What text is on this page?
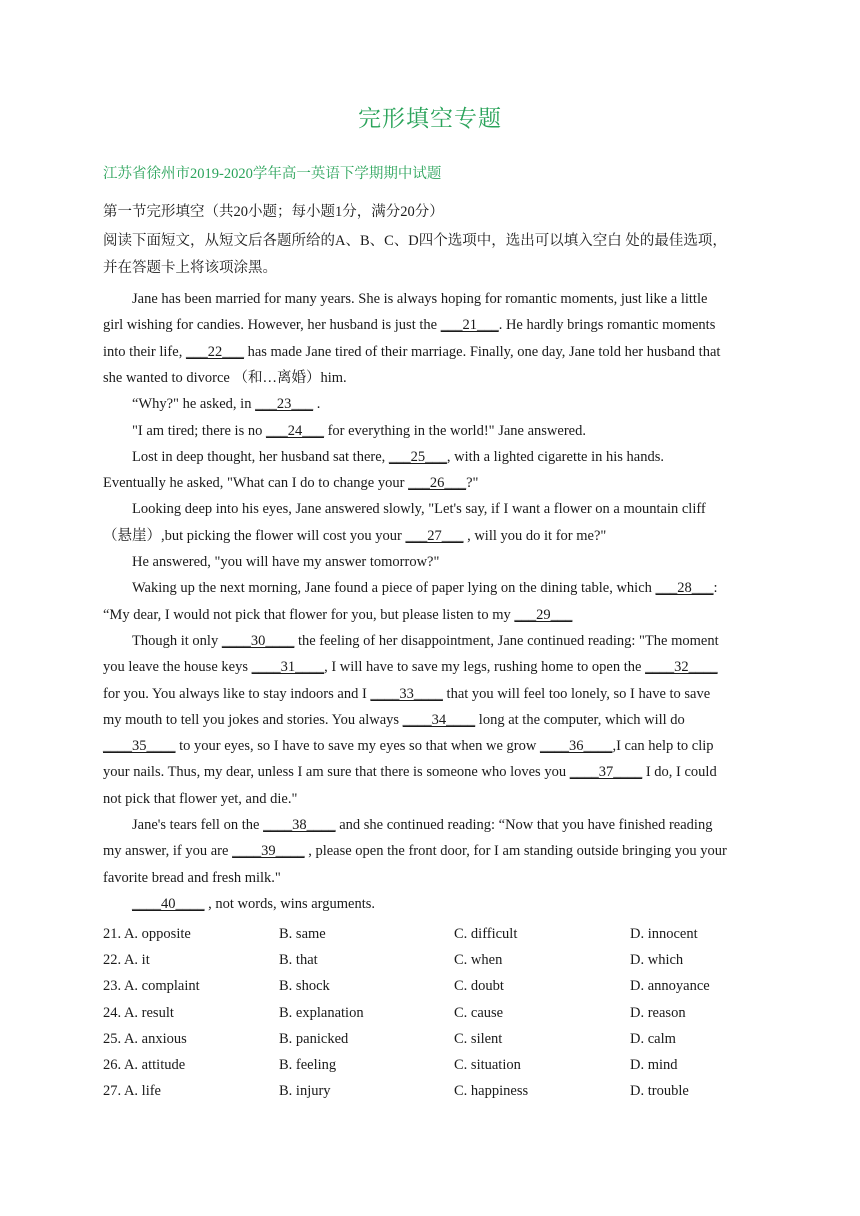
完形填空专题
江苏省徐州市2019-2020学年高一英语下学期期中试题
第一节完形填空（共20小题；每小题1分，满分20分）
阅读下面短文，从短文后各题所给的A、B、C、D四个选项中，选出可以填入空白 处的最佳选项，
并在答题卡上将该项涂黑。
Jane has been married for many years. She is always hoping for romantic moments, just like a little
girl wishing for candies. However, her husband is just the ___21___. He hardly brings romantic moments
into their life, ___22___ has made Jane tired of their marriage. Finally, one day, Jane told her husband that
she wanted to divorce （和…离婚）him.
“Why?" he asked, in ___23___ .
"I am tired; there is no ___24___ for everything in the world!" Jane answered.
Lost in deep thought, her husband sat there, ___25___, with a lighted cigarette in his hands.
Eventually he asked, "What can I do to change your ___26___?"
Looking deep into his eyes, Jane answered slowly, "Let's say, if I want a flower on a mountain cliff
（悬崖）,but picking the flower will cost you your ___27___ , will you do it for me?"
He answered, "you will have my answer tomorrow?"
Waking up the next morning, Jane found a piece of paper lying on the dining table, which ___28___:
“My dear, I would not pick that flower for you, but please listen to my ___29___
Though it only ____30____ the feeling of her disappointment, Jane continued reading: "The moment
you leave the house keys ____31____, I will have to save my legs, rushing home to open the ____32____
for you. You always like to stay indoors and I ____33____ that you will feel too lonely, so I have to save
my mouth to tell you jokes and stories. You always ____34____ long at the computer, which will do
____35____ to your eyes, so I have to save my eyes so that when we grow ____36____,I can help to clip
your nails. Thus, my dear, unless I am sure that there is someone who loves you ____37____ I do, I could
not pick that flower yet, and die."
Jane's tears fell on the ____38____ and she continued reading: “Now that you have finished reading
my answer, if you are ____39____ , please open the front door, for I am standing outside bringing you your
favorite bread and fresh milk."
____40____ , not words, wins arguments.
21. A. opposite	B. same	C. difficult	D. innocent
22. A. it	B. that	C. when	D. which
23. A. complaint	B. shock	C. doubt	D. annoyance
24. A. result	B. explanation	C. cause	D. reason
25. A. anxious	B. panicked	C. silent	D. calm
26. A. attitude	B. feeling	C. situation	D. mind
27. A. life	B. injury	C. happiness	D. trouble
